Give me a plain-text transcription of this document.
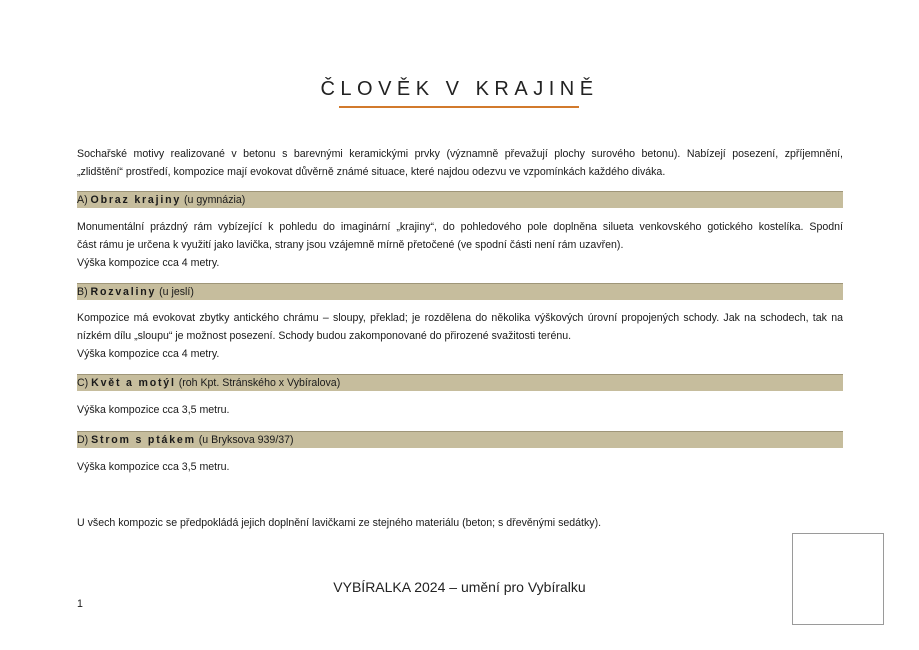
ČLOVĚK V KRAJINĚ

Sochařské motivy realizované v betonu s barevnými keramickými prvky (významně převažují plochy surového betonu). Nabízejí posezení, zpříjemnění,
„zlidštění“ prostředí, kompozice mají evokovat důvěrně známé situace, které najdou odezvu ve vzpomínkách každého diváka.

A) Obraz krajiny (u gymnázia)

Monumentální prázdný rám vybízející k pohledu do imaginární „krajiny“, do pohledového pole doplněna silueta venkovského gotického kostelíka. Spodní
část rámu je určena k využití jako lavička, strany jsou vzájemně mírně přetočené (ve spodní části není rám uzavřen).
Výška kompozice cca 4 metry.

B) Rozvaliny (u jeslí)

Kompozice má evokovat zbytky antického chrámu – sloupy, překlad; je rozdělena do několika výškových úrovní propojených schody. Jak na schodech, tak na
nízkém dílu „sloupu“ je možnost posezení. Schody budou zakomponované do přirozené svažitosti terénu.
Výška kompozice cca 4 metry.

C) Květ a motýl (roh Kpt. Stránského x Vybíralova)

Výška kompozice cca 3,5 metru.

D) Strom s ptákem (u Bryksova 939/37)

Výška kompozice cca 3,5 metru.

U všech kompozic se předpokládá jejich doplnění lavičkami ze stejného materiálu (beton; s dřevěnými sedátky).

VYBÍRALKA 2024 – umění pro Vybíralku
1
